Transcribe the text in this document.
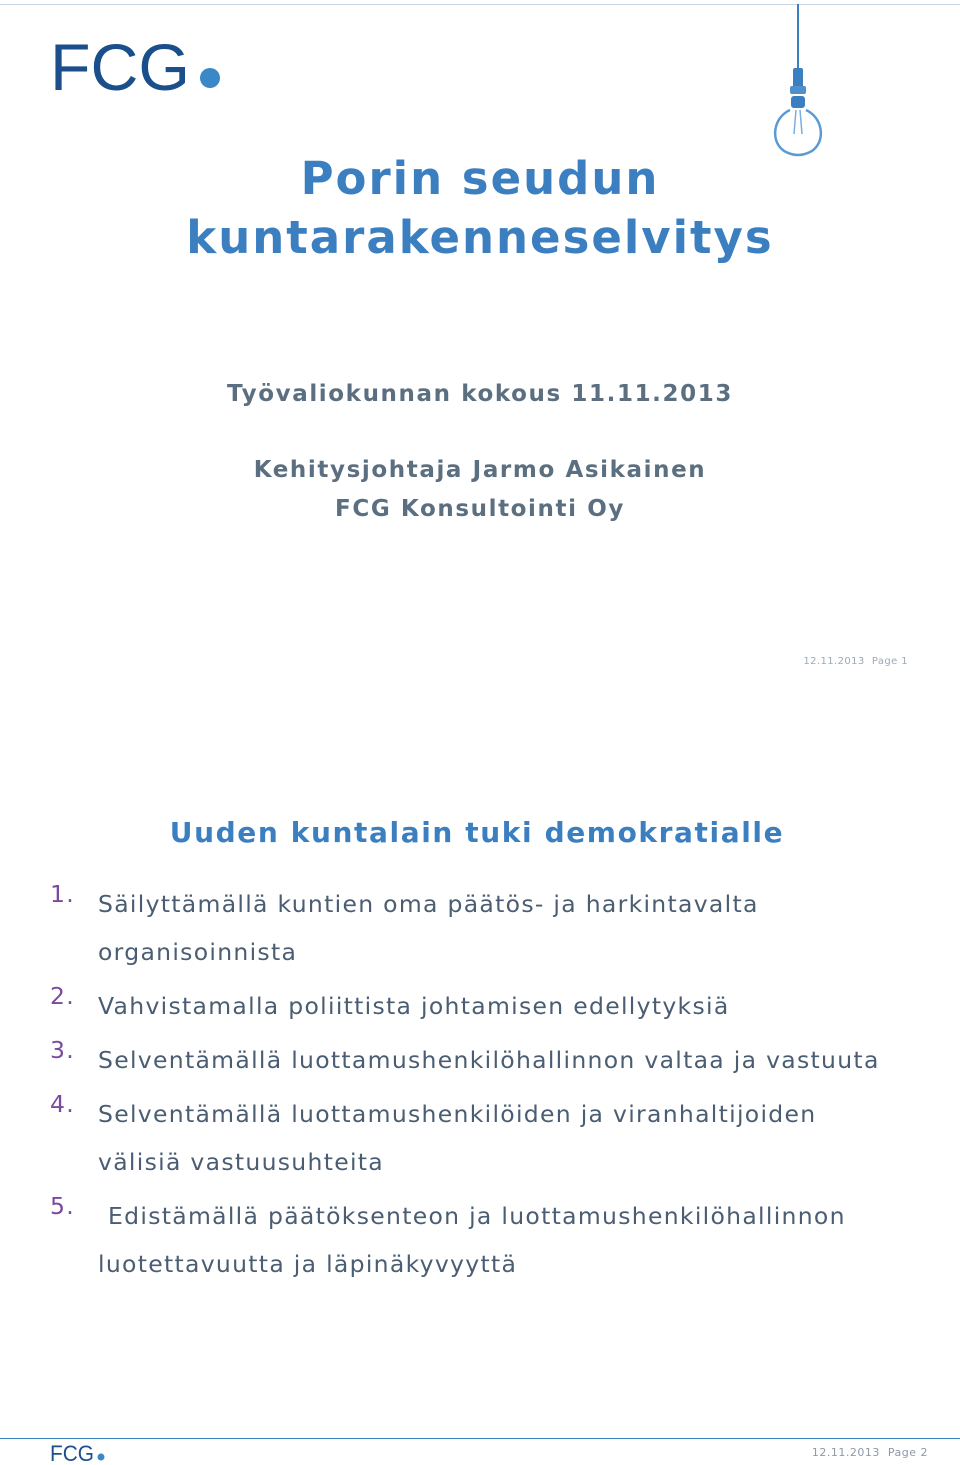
FCG
Porin seudun
kuntarakenneselvitys
Työvaliokunnan kokous 11.11.2013
Kehitysjohtaja Jarmo Asikainen
FCG Konsultointi Oy
12.11.2013  Page 1
Uuden kuntalain tuki demokratialle
1. Säilyttämällä kuntien oma päätös- ja harkintavalta
organisoinnista
2. Vahvistamalla poliittista johtamisen edellytyksiä
3. Selventämällä luottamushenkilöhallinnon valtaa ja vastuuta
4. Selventämällä luottamushenkilöiden ja viranhaltijoiden
välisiä vastuusuhteita
5.	Edistämällä päätöksenteon ja luottamushenkilöhallinnon
luotettavuutta ja läpinäkyvyyttä
FCG	12.11.2013  Page 2
